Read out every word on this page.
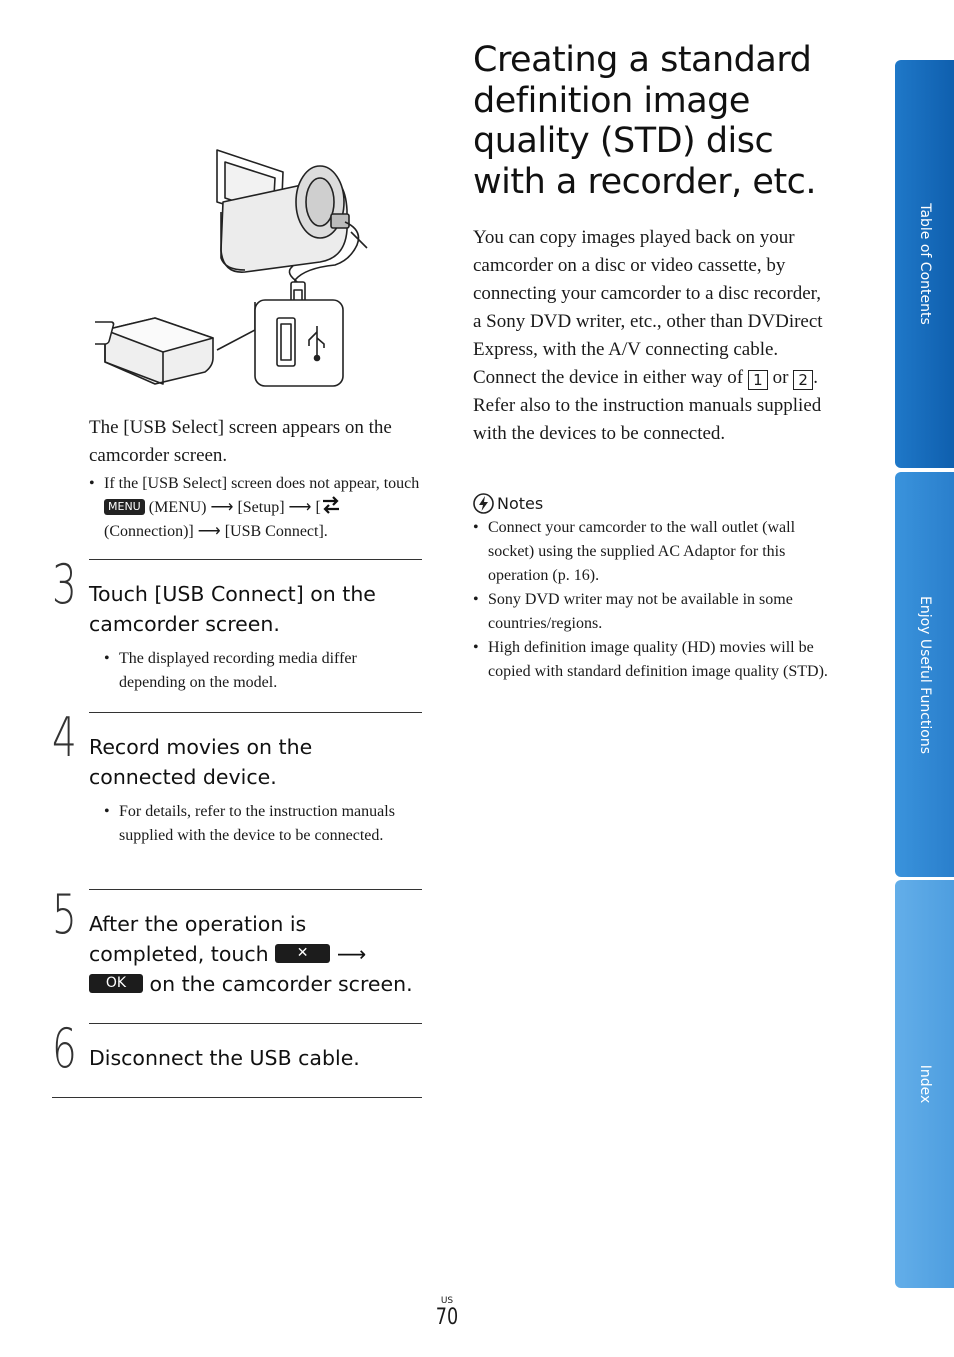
The [USB Select] screen appears on the camcorder screen.
• If the [USB Select] screen does not appear, touch MENU (MENU) ⟶ [Setup] ⟶ [
(Connection)] ⟶ [USB Connect].
3 Touch [USB Connect] on the camcorder screen.
• The displayed recording media differ depending on the model.
4 Record movies on the connected device.
• For details, refer to the instruction manuals supplied with the device to be connected.
5 After the operation is completed, touch ✕ ⟶ OK on the camcorder screen.
6 Disconnect the USB cable.
Creating a standard definition image quality (STD) disc with a recorder, etc.
You can copy images played back on your camcorder on a disc or video cassette, by connecting your camcorder to a disc recorder, a Sony DVD writer, etc., other than DVDirect Express, with the A/V connecting cable. Connect the device in either way of 1 or 2 . Refer also to the instruction manuals supplied with the devices to be connected.
Notes
• Connect your camcorder to the wall outlet (wall socket) using the supplied AC Adaptor for this operation (p. 16).
• Sony DVD writer may not be available in some countries/regions.
• High definition image quality (HD) movies will be copied with standard definition image quality (STD).
Table of Contents
Enjoy Useful Functions
Index
US
70
